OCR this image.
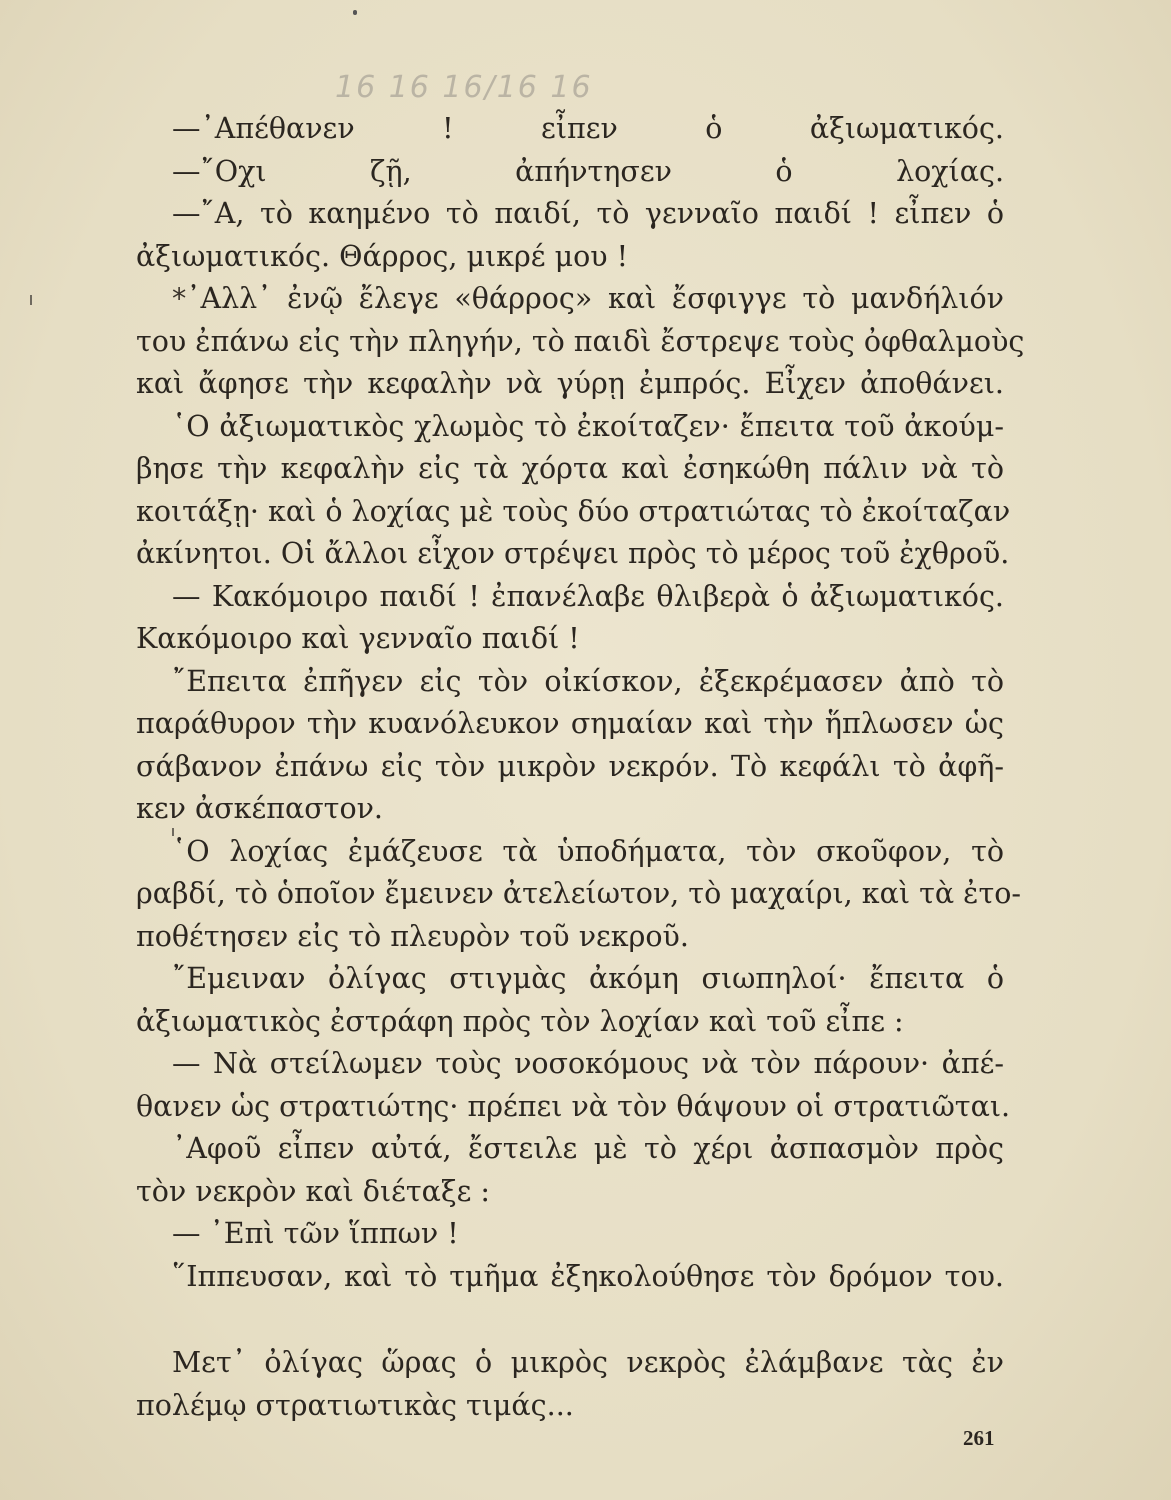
16 16 16/16 16
—᾿Απέθανεν ! εἶπεν ὁ ἀξιωματικός.
—῎Οχι ζῇ, ἀπήντησεν ὁ λοχίας.
—῎Α, τὸ καημένο τὸ παιδί, τὸ γενναῖο παιδί ! εἶπεν ὁ
ἀξιωματικός. Θάρρος, μικρέ μου !
*᾿Αλλ᾿ ἐνῷ ἔλεγε «θάρρος» καὶ ἔσφιγγε τὸ μανδήλιόν
του ἐπάνω εἰς τὴν πληγήν, τὸ παιδὶ ἔστρεψε τοὺς ὀφθαλμοὺς
καὶ ἄφησε τὴν κεφαλὴν νὰ γύρῃ ἐμπρός. Εἶχεν ἀποθάνει.
῾Ο ἀξιωματικὸς χλωμὸς τὸ ἐκοίταζεν· ἔπειτα τοῦ ἀκούμ-
βησε τὴν κεφαλὴν εἰς τὰ χόρτα καὶ ἐσηκώθη πάλιν νὰ τὸ
κοιτάξῃ· καὶ ὁ λοχίας μὲ τοὺς δύο στρατιώτας τὸ ἐκοίταζαν
ἀκίνητοι. Οἱ ἄλλοι εἶχον στρέψει πρὸς τὸ μέρος τοῦ ἐχθροῦ.
— Κακόμοιρο παιδί ! ἐπανέλαβε θλιβερὰ ὁ ἀξιωματικός.
Κακόμοιρο καὶ γενναῖο παιδί !
῎Επειτα ἐπῆγεν εἰς τὸν οἰκίσκον, ἐξεκρέμασεν ἀπὸ τὸ
παράθυρον τὴν κυανόλευκον σημαίαν καὶ τὴν ἥπλωσεν ὡς
σάβανον ἐπάνω εἰς τὸν μικρὸν νεκρόν. Τὸ κεφάλι τὸ ἀφῆ-
κεν ἀσκέπαστον.
῾Ο λοχίας ἐμάζευσε τὰ ὑποδήματα, τὸν σκοῦφον, τὸ
ραβδί, τὸ ὁποῖον ἔμεινεν ἀτελείωτον, τὸ μαχαίρι, καὶ τὰ ἐτο-
ποθέτησεν εἰς τὸ πλευρὸν τοῦ νεκροῦ.
῎Εμειναν ὀλίγας στιγμὰς ἀκόμη σιωπηλοί· ἔπειτα ὁ
ἀξιωματικὸς ἐστράφη πρὸς τὸν λοχίαν καὶ τοῦ εἶπε :
— Νὰ στείλωμεν τοὺς νοσοκόμους νὰ τὸν πάρουν· ἀπέ-
θανεν ὡς στρατιώτης· πρέπει νὰ τὸν θάψουν οἱ στρατιῶται.
᾿Αφοῦ εἶπεν αὐτά, ἔστειλε μὲ τὸ χέρι ἀσπασμὸν πρὸς
τὸν νεκρὸν καὶ διέταξε :
— ᾿Επὶ τῶν ἵππων !
῞Ιππευσαν, καὶ τὸ τμῆμα ἐξηκολούθησε τὸν δρόμον του.
Μετ᾿ ὀλίγας ὥρας ὁ μικρὸς νεκρὸς ἐλάμβανε τὰς ἐν
πολέμῳ στρατιωτικὰς τιμάς...
261
